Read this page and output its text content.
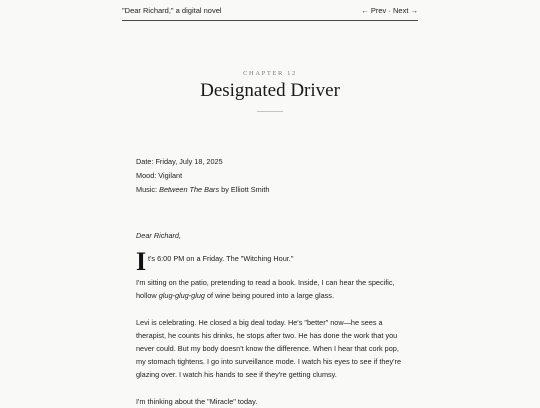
"Dear Richard," a digital novel	← Prev · Next →
CHAPTER 12
Designated Driver
Date: Friday, July 18, 2025
Mood: Vigilant
Music: Between The Bars by Elliott Smith

Dear Richard,

I t's 6:00 PM on a Friday. The "Witching Hour."

I'm sitting on the patio, pretending to read a book. Inside, I can hear the specific, hollow glug-glug-glug of wine being poured into a large glass.

Levi is celebrating. He closed a big deal today. He's "better" now—he sees a therapist, he counts his drinks, he stops after two. He has done the work that you never could. But my body doesn't know the difference. When I hear that cork pop, my stomach tightens. I go into surveillance mode. I watch his eyes to see if they're glazing over. I watch his hands to see if they're getting clumsy.

I'm thinking about the "Miracle" today.
